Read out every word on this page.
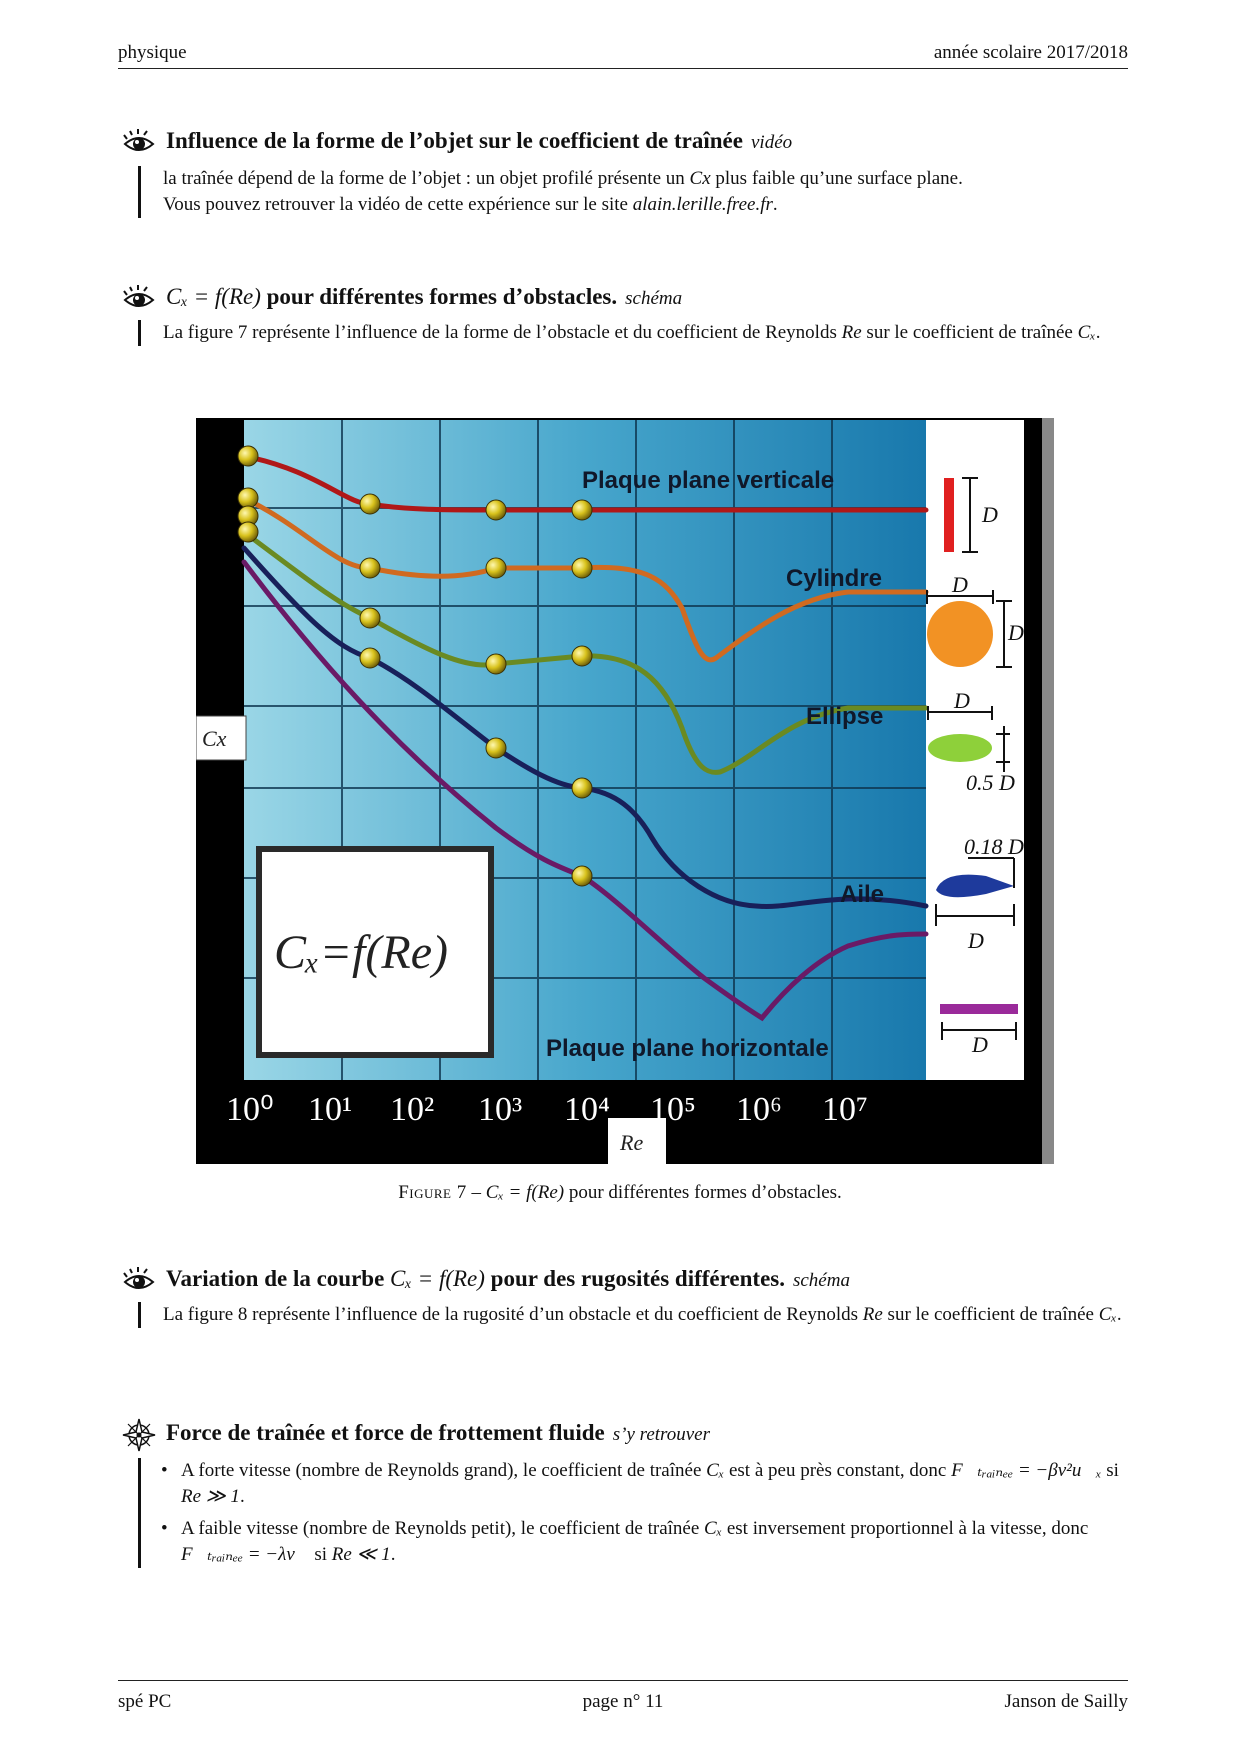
physique	année scolaire 2017/2018
Influence de la forme de l’objet sur le coefficient de traînée vidéo
la traînée dépend de la forme de l’objet : un objet profilé présente un Cx plus faible qu’une surface plane.
Vous pouvez retrouver la vidéo de cette expérience sur le site alain.lerille.free.fr.
Cₓ = f(Re) pour différentes formes d’obstacles. schéma
La figure 7 représente l’influence de la forme de l’obstacle et du coefficient de Reynolds Re sur le coefficient de traînée Cₓ.
Plaque plane verticale
Cylindre
Ellipse
Aile
Plaque plane horizontale
Cₓ=f(Re)
Cx
Re
10⁰ 10¹ 10² 10³ 10⁴ 10⁵ 10⁶ 10⁷
D
D
D
D
0.5 D
0.18 D
D
D
Figure 7 – Cₓ = f(Re) pour différentes formes d’obstacles.
Variation de la courbe Cₓ = f(Re) pour des rugosités différentes. schéma
La figure 8 représente l’influence de la rugosité d’un obstacle et du coefficient de Reynolds Re sur le coefficient de traînée Cₓ.
Force de traînée et force de frottement fluide s’y retrouver
• A forte vitesse (nombre de Reynolds grand), le coefficient de traînée Cₓ est à peu près constant, donc F⃗ₜᵣₐᵢₙₑₑ = −βv²u⃗ₓ si Re ≫ 1.
• A faible vitesse (nombre de Reynolds petit), le coefficient de traînée Cₓ est inversement proportionnel à la vitesse, donc F⃗ₜᵣₐᵢₙₑₑ = −λv⃗ si Re ≪ 1.
spé PC	page n° 11	Janson de Sailly
